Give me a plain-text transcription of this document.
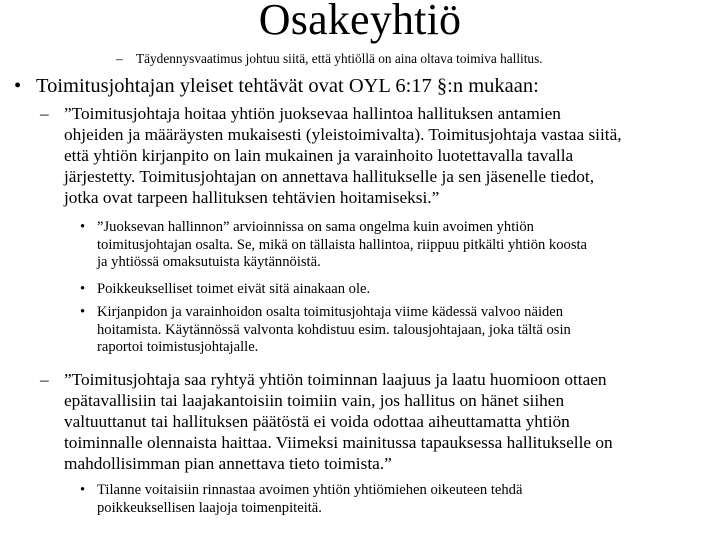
Osakeyhtiö
– Täydennysvaatimus johtuu siitä, että yhtiöllä on aina oltava toimiva hallitus.
• Toimitusjohtajan yleiset tehtävät ovat OYL 6:17 §:n mukaan:
– ”Toimitusjohtaja hoitaa yhtiön juoksevaa hallintoa hallituksen antamien
ohjeiden ja määräysten mukaisesti (yleistoimivalta). Toimitusjohtaja vastaa siitä,
että yhtiön kirjanpito on lain mukainen ja varainhoito luotettavalla tavalla
järjestetty. Toimitusjohtajan on annettava hallitukselle ja sen jäsenelle tiedot,
jotka ovat tarpeen hallituksen tehtävien hoitamiseksi.”
• ”Juoksevan hallinnon” arvioinnissa on sama ongelma kuin avoimen yhtiön
toimitusjohtajan osalta. Se, mikä on tällaista hallintoa, riippuu pitkälti yhtiön koosta
ja yhtiössä omaksutuista käytännöistä.
• Poikkeukselliset toimet eivät sitä ainakaan ole.
• Kirjanpidon ja varainhoidon osalta toimitusjohtaja viime kädessä valvoo näiden
hoitamista. Käytännössä valvonta kohdistuu esim. talousjohtajaan, joka tältä osin
raportoi toimistusjohtajalle.
– ”Toimitusjohtaja saa ryhtyä yhtiön toiminnan laajuus ja laatu huomioon ottaen
epätavallisiin tai laajakantoisiin toimiin vain, jos hallitus on hänet siihen
valtuuttanut tai hallituksen päätöstä ei voida odottaa aiheuttamatta yhtiön
toiminnalle olennaista haittaa. Viimeksi mainitussa tapauksessa hallitukselle on
mahdollisimman pian annettava tieto toimista.”
• Tilanne voitaisiin rinnastaa avoimen yhtiön yhtiömiehen oikeuteen tehdä
poikkeuksellisen laajoja toimenpiteitä.
